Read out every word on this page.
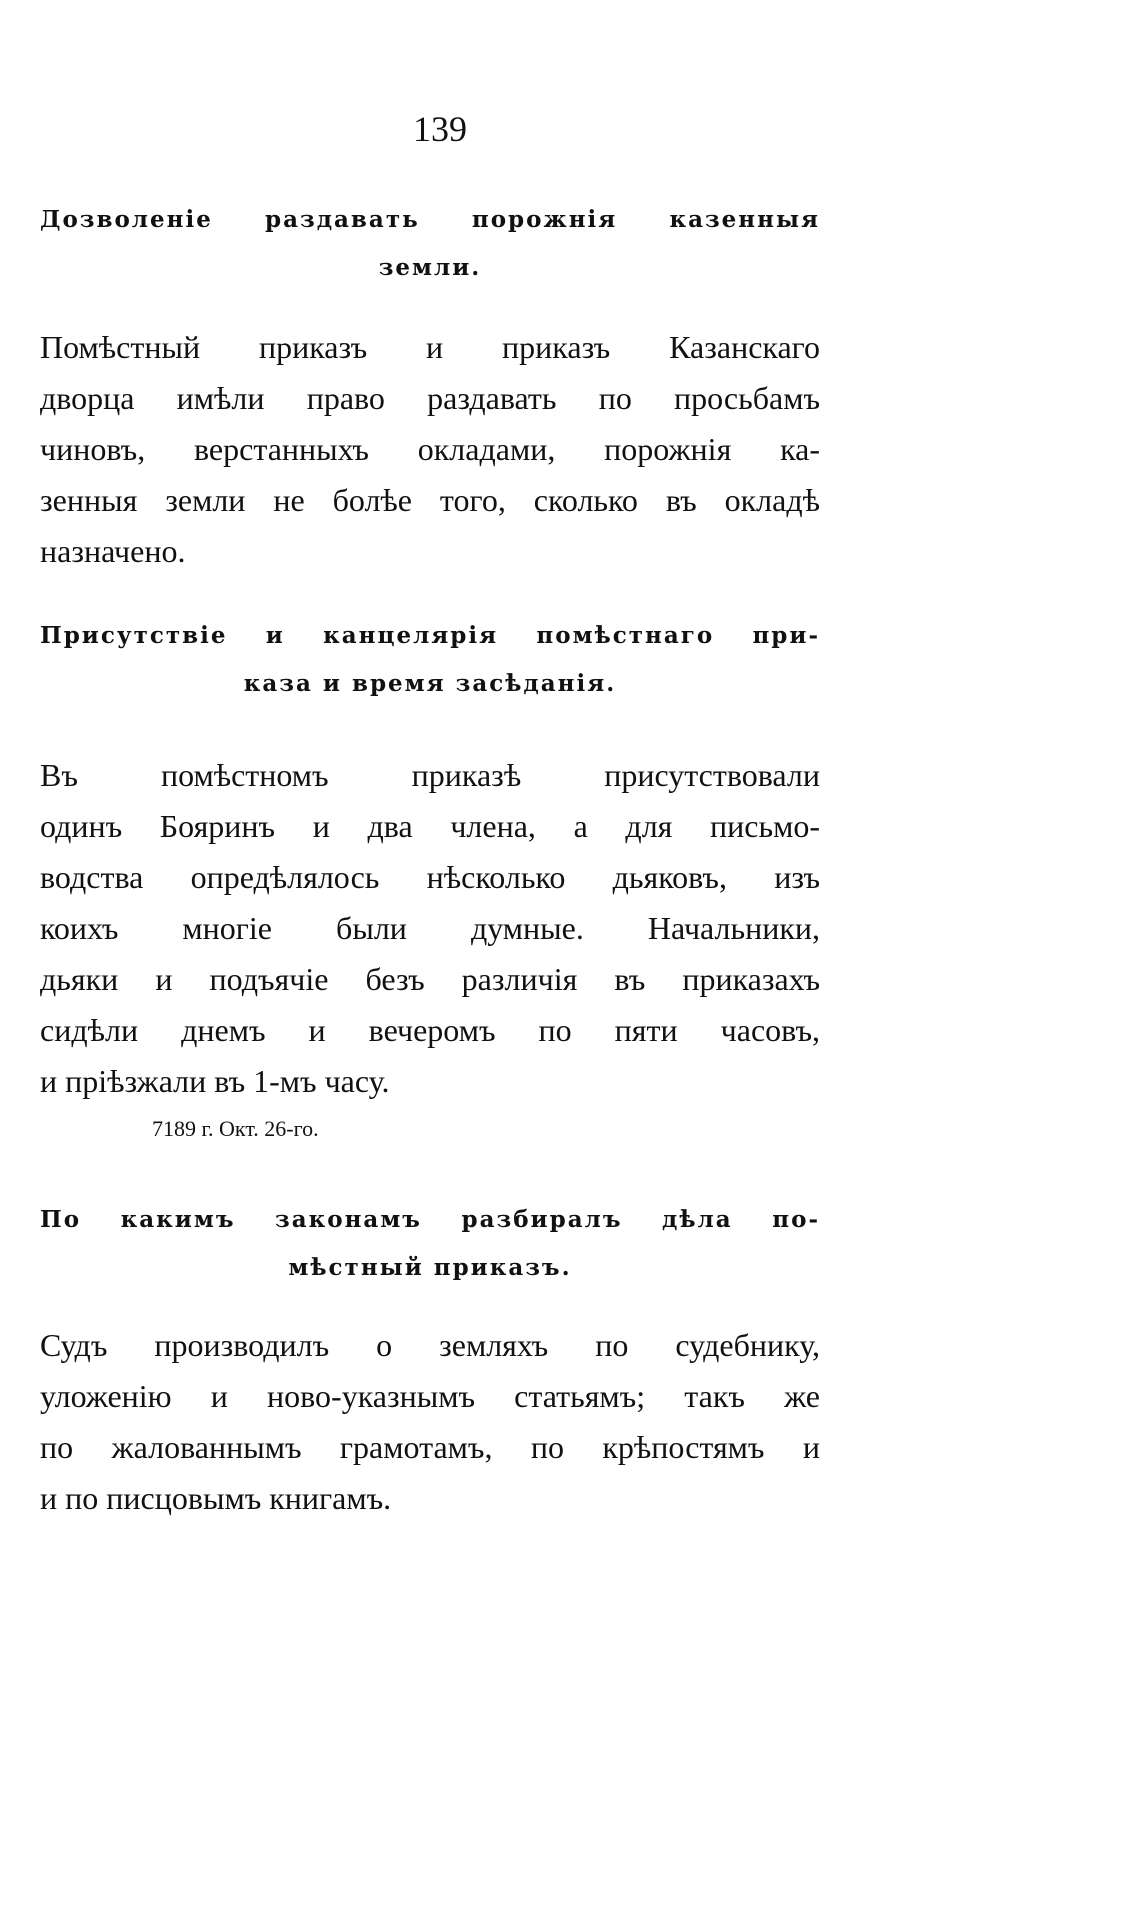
139
Дозволеніе раздавать порожнія казенныя
земли.
Помѣстный приказъ и приказъ Казанскаго
дворца имѣли право раздавать по просьбамъ
чиновъ, верстанныхъ окладами, порожнія ка-
зенныя земли не болѣе того, сколько въ окладѣ
назначено.
Присутствіе и канцелярія помѣстнаго при-
каза и время засѣданія.
Въ помѣстномъ приказѣ присутствовали
одинъ Бояринъ и два члена, а для письмо-
водства опредѣлялось нѣсколько дьяковъ, изъ
коихъ многіе были думные. Начальники,
дьяки и подъячіе безъ различія въ приказахъ
сидѣли днемъ и вечеромъ по пяти часовъ,
и пріѣзжали въ 1-мъ часу.
7189 г. Окт. 26-го.
По какимъ законамъ разбиралъ дѣла по-
мѣстный приказъ.
Судъ производилъ о земляхъ по судебнику,
уложенію и ново-указнымъ статьямъ; такъ же
по жалованнымъ грамотамъ, по крѣпостямъ и
и по писцовымъ книгамъ.
